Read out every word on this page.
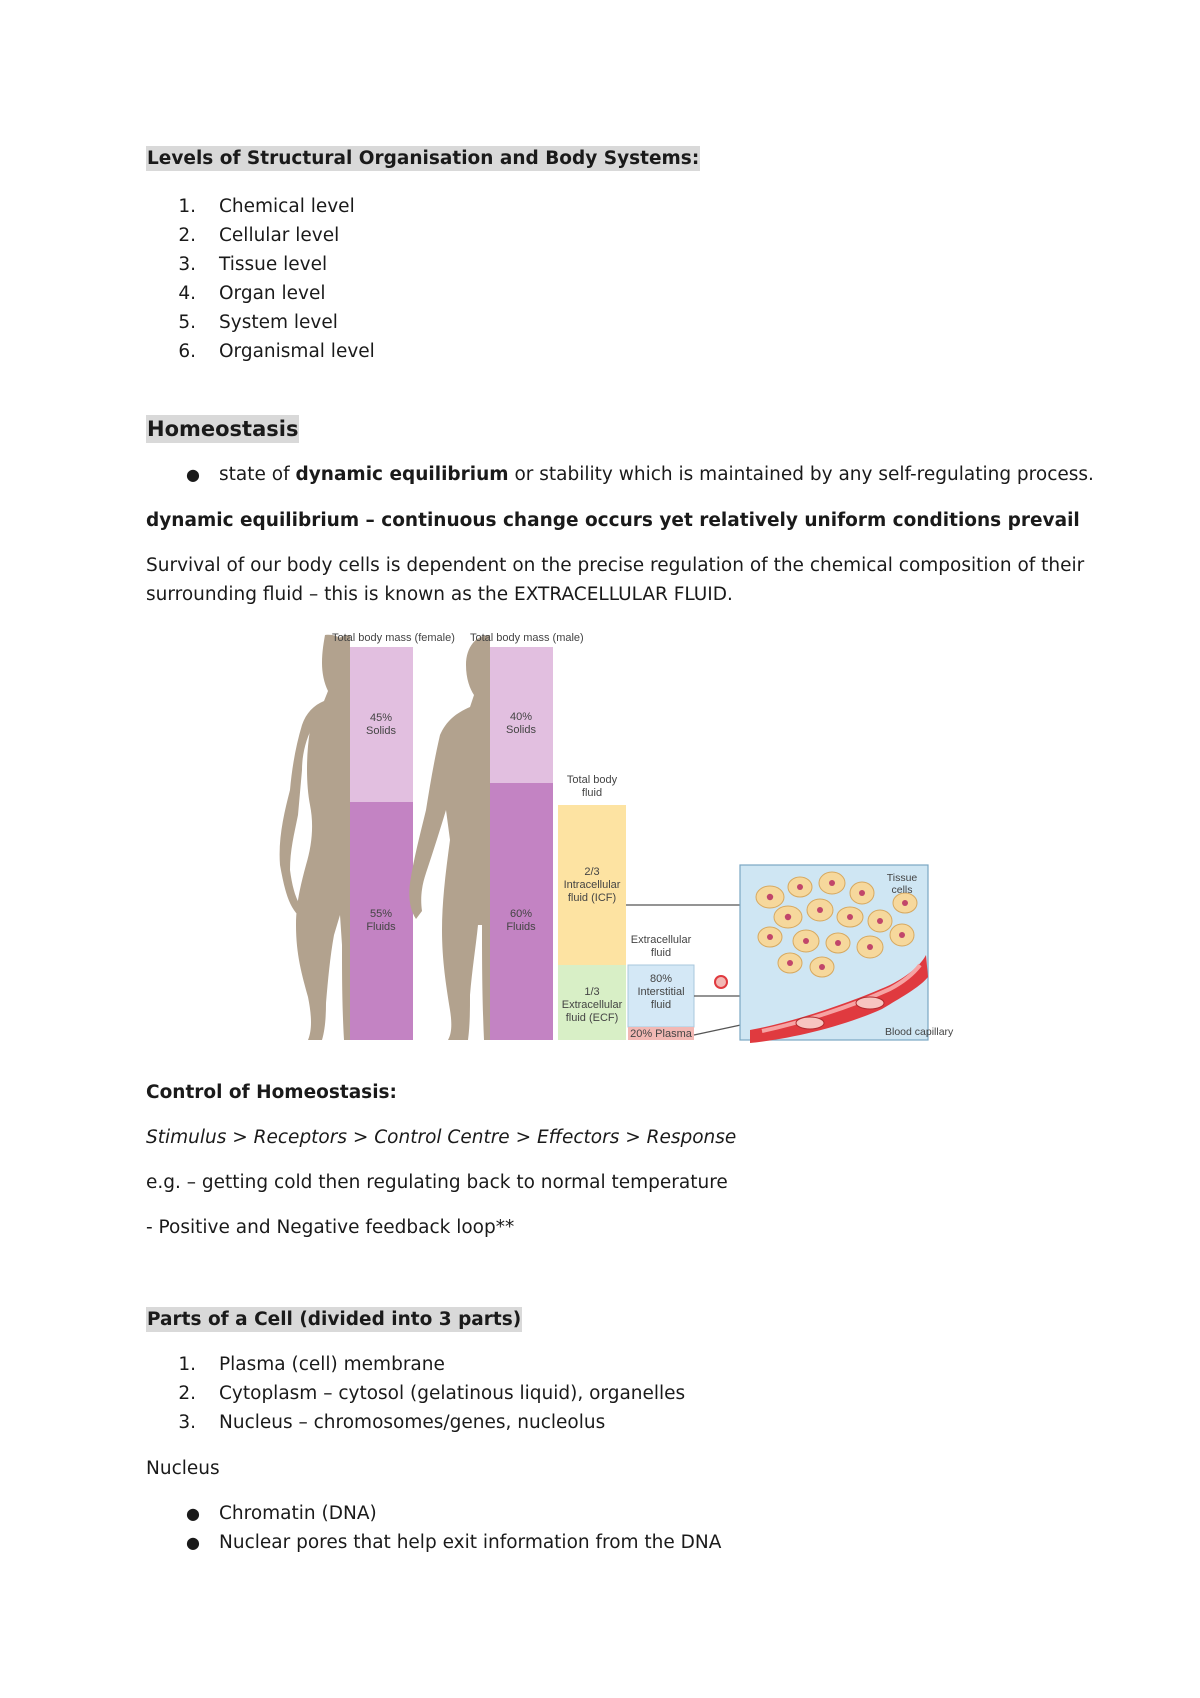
Levels of Structural Organisation and Body Systems:
1. Chemical level
2. Cellular level
3. Tissue level
4. Organ level
5. System level
6. Organismal level
Homeostasis
● state of dynamic equilibrium or stability which is maintained by any self-regulating process.
dynamic equilibrium – continuous change occurs yet relatively uniform conditions prevail
Survival of our body cells is dependent on the precise regulation of the chemical composition of their
surrounding fluid – this is known as the EXTRACELLULAR FLUID.
Total body mass (female)
45%
Solids
55%
Fluids
Total body mass (male)
40%
Solids
60%
Fluids
Total body
fluid
2/3
Intracellular
fluid (ICF)
1/3
Extracellular
fluid (ECF)
Extracellular
fluid
80%
Interstitial
fluid
20% Plasma
Tissue
cells
Blood capillary
Control of Homeostasis:
Stimulus > Receptors > Control Centre > Effectors > Response
e.g. – getting cold then regulating back to normal temperature
- Positive and Negative feedback loop**
Parts of a Cell (divided into 3 parts)
1. Plasma (cell) membrane
2. Cytoplasm – cytosol (gelatinous liquid), organelles
3. Nucleus – chromosomes/genes, nucleolus
Nucleus
● Chromatin (DNA)
● Nuclear pores that help exit information from the DNA
